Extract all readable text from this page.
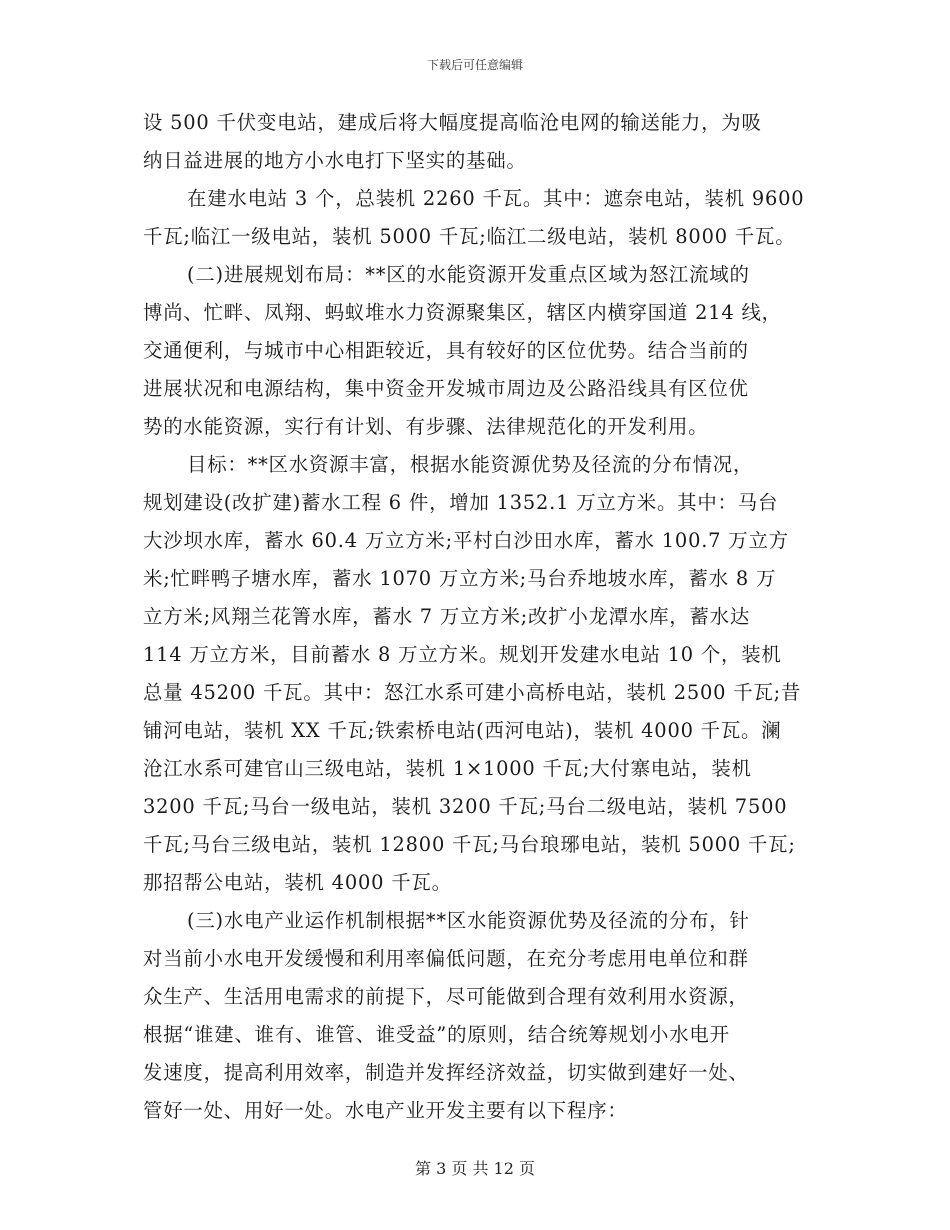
下载后可任意编辑
设 500 千伏变电站，建成后将大幅度提高临沧电网的输送能力，为吸
纳日益进展的地方小水电打下坚实的基础。
在建水电站 3 个，总装机 2260 千瓦。其中：遮奈电站，装机 9600
千瓦;临江一级电站，装机 5000 千瓦;临江二级电站，装机 8000 千瓦。
(二)进展规划布局：**区的水能资源开发重点区域为怒江流域的
博尚、忙畔、凤翔、蚂蚁堆水力资源聚集区，辖区内横穿国道 214 线，
交通便利，与城市中心相距较近，具有较好的区位优势。结合当前的
进展状况和电源结构，集中资金开发城市周边及公路沿线具有区位优
势的水能资源，实行有计划、有步骤、法律规范化的开发利用。
目标：**区水资源丰富，根据水能资源优势及径流的分布情况，
规划建设(改扩建)蓄水工程 6 件，增加 1352.1 万立方米。其中：马台
大沙坝水库，蓄水 60.4 万立方米;平村白沙田水库，蓄水 100.7 万立方
米;忙畔鸭子塘水库，蓄水 1070 万立方米;马台乔地坡水库，蓄水 8 万
立方米;风翔兰花箐水库，蓄水 7 万立方米;改扩小龙潭水库，蓄水达
114 万立方米，目前蓄水 8 万立方米。规划开发建水电站 10 个，装机
总量 45200 千瓦。其中：怒江水系可建小高桥电站，装机 2500 千瓦;昔
铺河电站，装机 XX 千瓦;铁索桥电站(西河电站)，装机 4000 千瓦。澜
沧江水系可建官山三级电站，装机 1×1000 千瓦;大付寨电站，装机
3200 千瓦;马台一级电站，装机 3200 千瓦;马台二级电站，装机 7500
千瓦;马台三级电站，装机 12800 千瓦;马台琅琊电站，装机 5000 千瓦;
那招帮公电站，装机 4000 千瓦。
(三)水电产业运作机制根据**区水能资源优势及径流的分布，针
对当前小水电开发缓慢和利用率偏低问题，在充分考虑用电单位和群
众生产、生活用电需求的前提下，尽可能做到合理有效利用水资源，
根据“谁建、谁有、谁管、谁受益”的原则，结合统筹规划小水电开
发速度，提高利用效率，制造并发挥经济效益，切实做到建好一处、
管好一处、用好一处。水电产业开发主要有以下程序：
第 3 页 共 12 页
